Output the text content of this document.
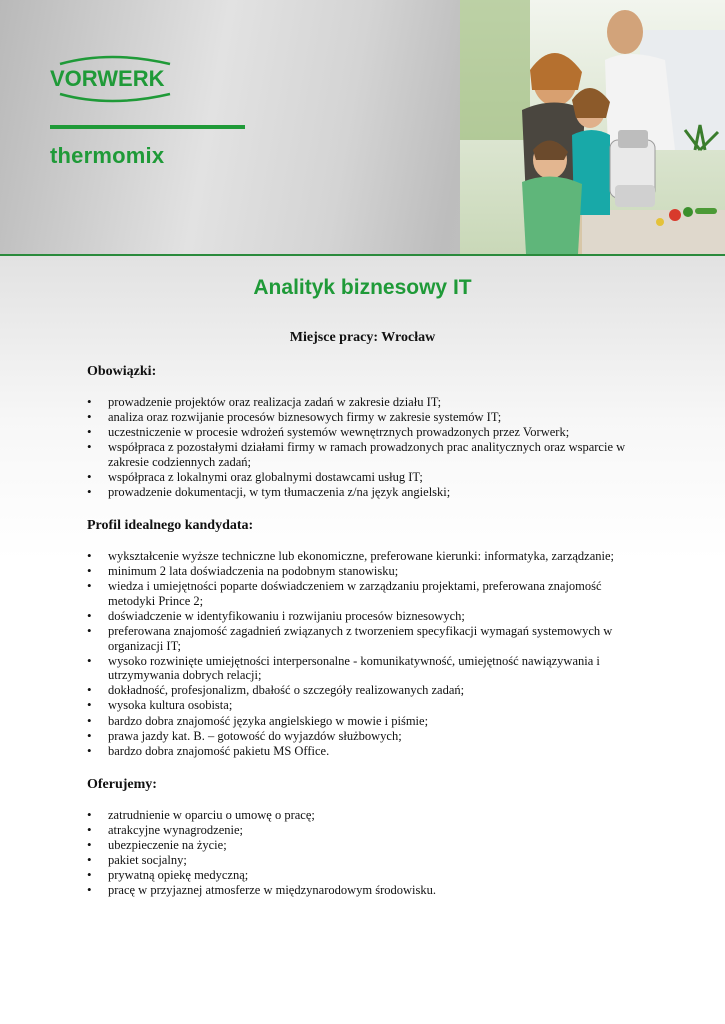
VORWERK
thermomix
Analityk biznesowy IT
Miejsce pracy: Wrocław
Obowiązki:
• prowadzenie projektów oraz realizacja zadań w zakresie działu IT;
• analiza oraz rozwijanie procesów biznesowych firmy w zakresie systemów IT;
• uczestniczenie w procesie wdrożeń systemów wewnętrznych prowadzonych przez Vorwerk;
• współpraca z pozostałymi działami firmy w ramach prowadzonych prac analitycznych oraz wsparcie w zakresie codziennych zadań;
• współpraca z lokalnymi oraz globalnymi dostawcami usług IT;
• prowadzenie dokumentacji, w tym tłumaczenia z/na język angielski;
Profil idealnego kandydata:
• wykształcenie wyższe techniczne lub ekonomiczne, preferowane kierunki: informatyka, zarządzanie;
• minimum 2 lata doświadczenia na podobnym stanowisku;
• wiedza i umiejętności poparte doświadczeniem w zarządzaniu projektami, preferowana znajomość metodyki Prince 2;
• doświadczenie w identyfikowaniu i rozwijaniu procesów biznesowych;
• preferowana znajomość zagadnień związanych z tworzeniem specyfikacji wymagań systemowych w organizacji IT;
• wysoko rozwinięte umiejętności interpersonalne - komunikatywność, umiejętność nawiązywania i utrzymywania dobrych relacji;
• dokładność, profesjonalizm, dbałość o szczegóły realizowanych zadań;
• wysoka kultura osobista;
• bardzo dobra znajomość języka angielskiego w mowie i piśmie;
• prawa jazdy kat. B. – gotowość do wyjazdów służbowych;
• bardzo dobra znajomość pakietu MS Office.
Oferujemy:
• zatrudnienie w oparciu o umowę o pracę;
• atrakcyjne wynagrodzenie;
• ubezpieczenie na życie;
• pakiet socjalny;
• prywatną opiekę medyczną;
• pracę w przyjaznej atmosferze w międzynarodowym środowisku.
